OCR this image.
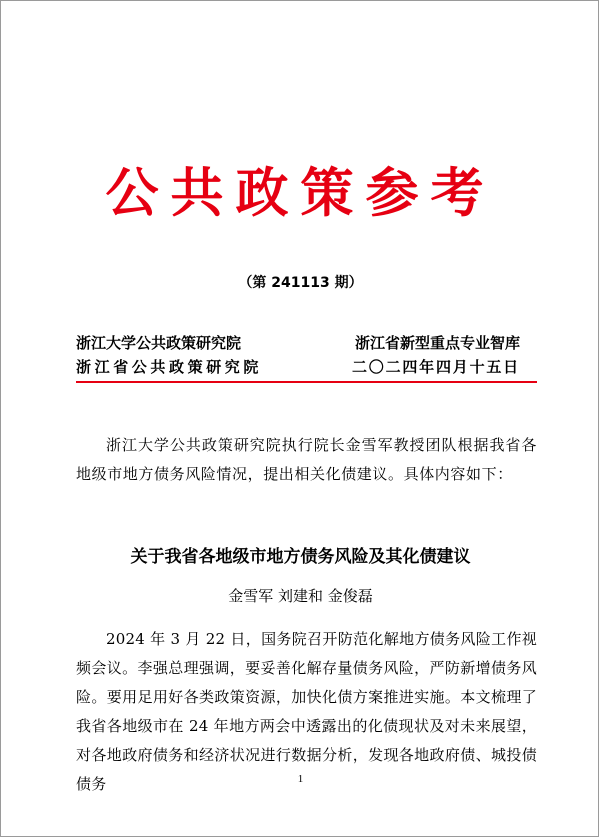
公共政策参考
（第 241113 期）
浙江大学公共政策研究院
浙江省公共政策研究院
浙江省新型重点专业智库
二〇二四年四月十五日
浙江大学公共政策研究院执行院长金雪军教授团队根据我省各地级市地方债务风险情况，提出相关化债建议。具体内容如下：
关于我省各地级市地方债务风险及其化债建议
金雪军 刘建和 金俊磊
2024 年 3 月 22 日，国务院召开防范化解地方债务风险工作视频会议。李强总理强调，要妥善化解存量债务风险，严防新增债务风险。要用足用好各类政策资源，加快化债方案推进实施。本文梳理了我省各地级市在 24 年地方两会中透露出的化债现状及对未来展望，对各地政府债务和经济状况进行数据分析，发现各地政府债、城投债债务	1
